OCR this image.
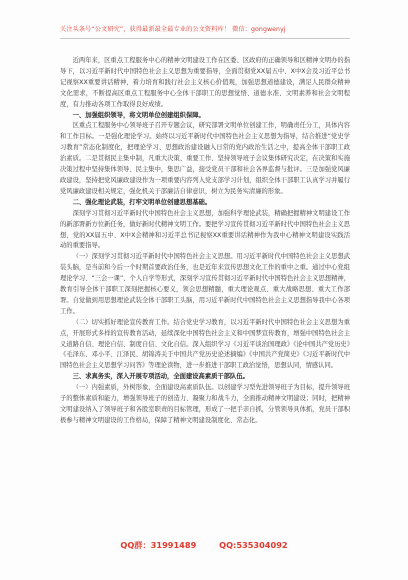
关注头条号“公文研究”，获得最新最全最专业的公文资料库！ 微信：gongwenyj

近两年来，区重点工程服务中心的精神文明建设工作在区委、区政府的正确领导和区精神文明办的指导下，以习近平新时代中国特色社会主义思想为重要指导，全面贯彻党XX届五中、X中X会及习近平总书记视察XX重要讲话精神，着力培育和践行社会主义核心价值观，加强思想道德建设，满足人民群众精神文化需求，不断提高区重点工程服务中心全体干部职工的思想觉悟、道德水准、文明素养和社会文明程度，有力推动各项工作取得良好成绩。

一、加强组织领导，将文明单位创建组织保障。

区重点工程服务中心领导班子召开专题会议，研究部署文明单位创建工作，明确责任分工，具体内容和工作目标。一是强化理论学习。始终以习近平新时代中国特色社会主义思想为指导，结合推进“党史学习教育”常态化制度化，把理论学习、思想政治建设融入日常的党内政治生活之中，提高全体干部职工政治素质。二是贯彻民主集中制，凡重大决策、重要工作、坚持领导班子会议集体研究决定，在决策和实施决策过程中坚持集体领导、民主集中，集思广益，接受党员干部和社会各界监督与批评。三是加强党风廉政建设，坚持把党风廉政建设作为一项重要内容列入党支部学习计划，组织全体干部职工认真学习并履行党风廉政建设相关规定，强化机关干部廉洁自律意识，树立为民务实清廉的形象。

二、强化理论武装，打牢文明单位创建思想基础。

深刻学习贯彻习近平新时代中国特色社会主义思想，加强科学理论武装，精确把握精神文明建设工作的新部署新方位新任务，做好新时代精神文明工作。要把学习宣传贯彻习近平新时代中国特色社会主义思想，党的XX届五中、X中X会精神和习近平总书记视察XX重要讲话精神作为我中心精神文明建设实践活动的重要指导。

（一）深刻学习贯彻习近平新时代中国特色社会主义思想。用习近平新时代中国特色社会主义思想武装头脑，是当前和今后一个时期首要政治任务，也是近年来宣传思想文化工作的重中之重。通过中心党组理论学习、“三会一课”、个人自学等形式，深刻学习宣传贯彻习近平新时代中国特色社会主义思想精神，教育引导全体干部职工深刻把握核心要义，领会思想精髓，重大理论观点、重大战略思想、重大工作部署。自觉做到用思想理论武装全体干部职工头脑，用习近平新时代中国特色社会主义思想指导我中心各项工作。

（二）切实抓好理论宣传教育工作。结合党史学习教育，以习近平新时代中国特色社会主义思想为重点，开展形式多样的宣传教育活动，延续深化中国特色社会主义和中国梦宣传教育，增强中国特色社会主义道路自信、理论自信、制度自信、文化自信。深入组织学习《习近平谈治国理政》《论中国共产党历史》《毛泽东、邓小平、江泽民、胡锦涛关于中国共产党历史论述摘编》《中国共产党简史》《习近平新时代中国特色社会主义思想学习问答》等理论读物，进一步推进干部职工政治觉悟，思想认同，情感认同。

三、求真务实，深入开展专项活动，全面建设高素质干部队伍。

（一）内强素质，外树形象，全面建设高素质队伍。以创建学习型先进领导班子为目标，提升领导班子的整体素质和能力，增强领导班子的创造力、凝聚力和战斗力，全面推动精神文明建设；同时，把精神文明建设纳入了领导班子和各股室职责的目标管理，形成了一把手亲自抓，分管领导具体抓，党员干部积极参与精神文明建设的工作格局，保障了精神文明建设制度化、常态化。

QQ群：31991489	QQ:535304092
